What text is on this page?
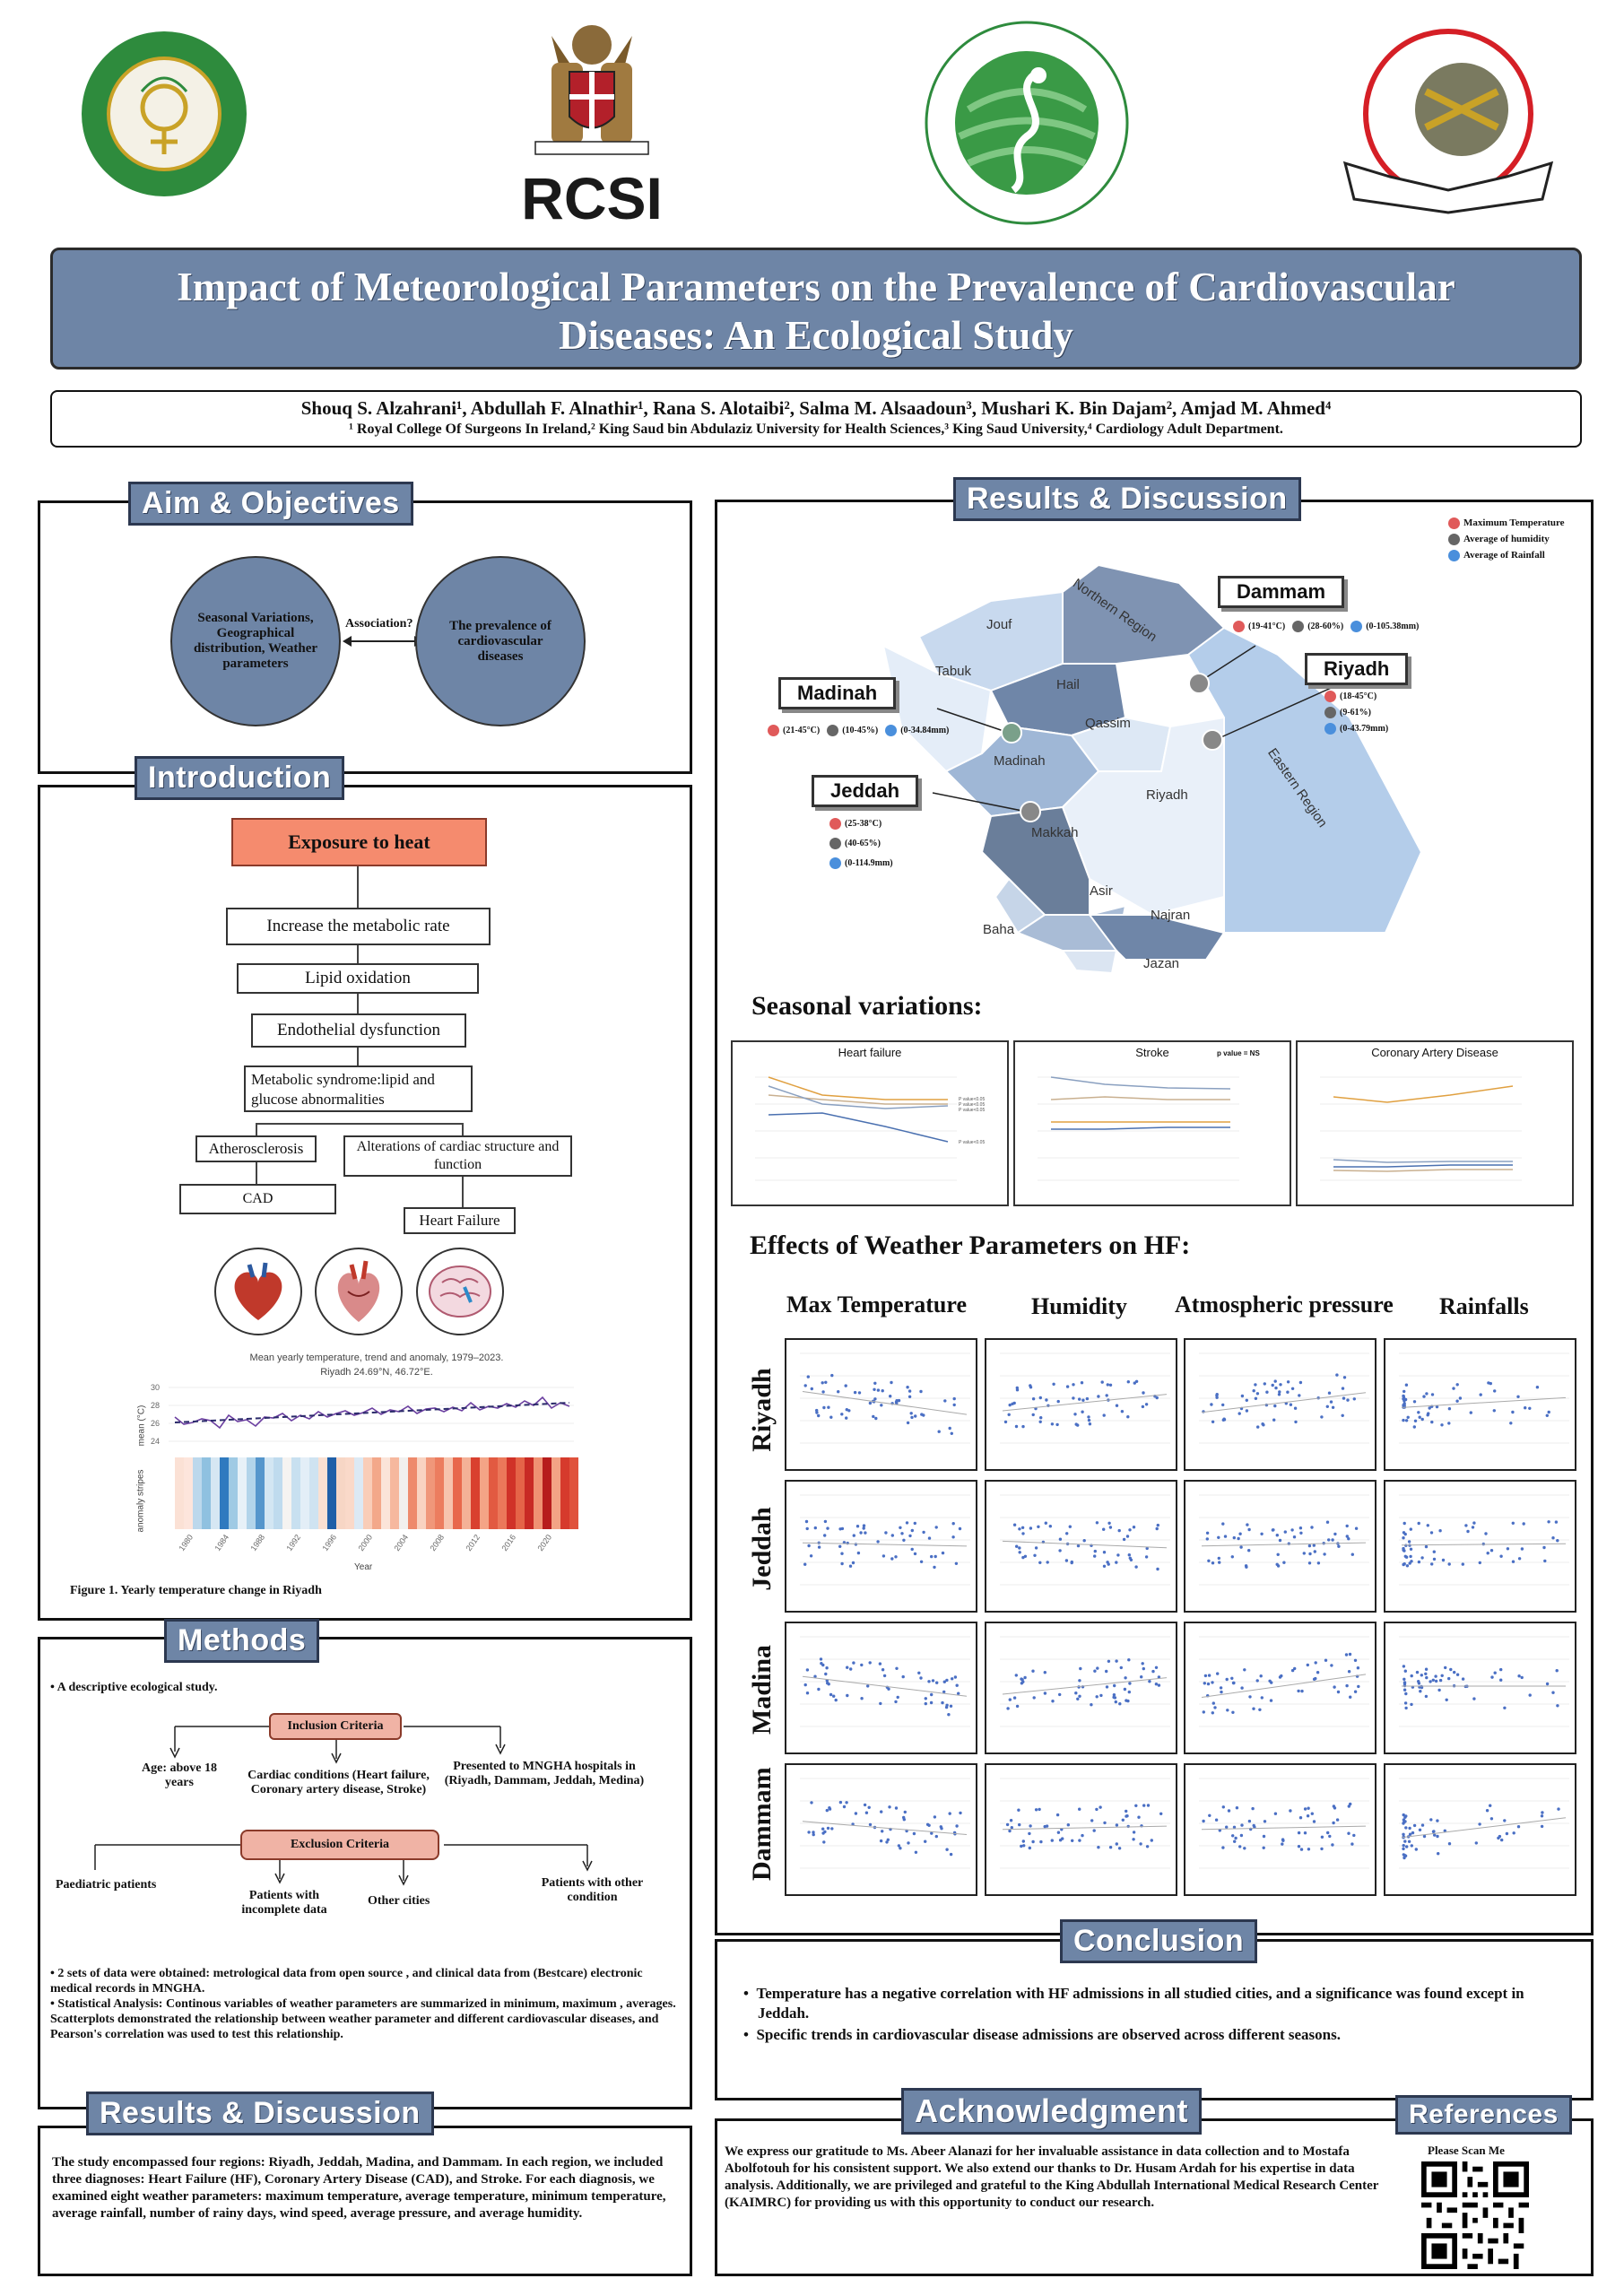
RCSI
Impact of Meteorological Parameters on the Prevalence of Cardiovascular
Diseases: An Ecological Study
Shouq S. Alzahrani¹, Abdullah F. Alnathir¹, Rana S. Alotaibi², Salma M. Alsaadoun³, Mushari K. Bin Dajam², Amjad M. Ahmed⁴
¹ Royal College Of Surgeons In Ireland,² King Saud bin Abdulaziz University for Health Sciences,³ King Saud University,⁴ Cardiology Adult Department.
Aim & Objectives
Seasonal Variations, Geographical distribution, Weather parameters
Association?	The prevalence of cardiovascular diseases
Introduction
Exposure to heat
Increase the metabolic rate
Lipid oxidation
Endothelial dysfunction
Metabolic syndrome:lipid and glucose abnormalities
Atherosclerosis	Alterations of cardiac structure and function
CAD
Heart Failure
Mean yearly temperature, trend and anomaly, 1979–2023.
Riyadh 24.69°N, 46.72°E.
mean (°C)
anomaly stripes
30
28
26
24
1980 1984 1988 1992 1996 2000 2004 2008 2012 2016 2020
Year
Figure 1. Yearly temperature change in Riyadh
Methods
• A descriptive ecological study.
Inclusion Criteria
Age: above 18 years
Cardiac conditions (Heart failure, Coronary artery disease, Stroke)
Presented to MNGHA hospitals in (Riyadh, Dammam, Jeddah, Medina)
Exclusion Criteria
Paediatric patients
Patients with incomplete data
Other cities
Patients with other condition
• 2 sets of data were obtained: metrological data from open source , and clinical data from (Bestcare) electronic medical records in MNGHA.
• Statistical Analysis: Continous variables of weather parameters are summarized in minimum, maximum , averages. Scatterplots demonstrated the relationship between weather parameter and different cardiovascular diseases, and Pearson's correlation was used to test this relationship.
Results & Discussion
The study encompassed four regions: Riyadh, Jeddah, Madina, and Dammam. In each region, we included three diagnoses: Heart Failure (HF), Coronary Artery Disease (CAD), and Stroke. For each diagnosis, we examined eight weather parameters: maximum temperature, average temperature, minimum temperature, average rainfall, number of rainy days, wind speed, average pressure, and average humidity.
Results & Discussion
Maximum Temperature
Average of humidity
Average of Rainfall
Jouf	Northern Region
Tabuk
Hail
Qassim
Madinah
Riyadh	Eastern Region
Makkah
Baha
Asir
Najran
Jazan
Dammam
(19-41°C)	(28-60%)	(0-105.38mm)
Riyadh
(18-45°C)
(9-61%)
(0-43.79mm)
Madinah
(21-45°C)	(10-45%)	(0-34.84mm)
Jeddah
(25-38°C)
(40-65%)
(0-114.9mm)
Seasonal variations:
Heart failure
P value<0.05
P value<0.05
P value<0.05
P value<0.05
Stroke	p value = NS	Coronary Artery Disease
Effects of Weather Parameters on HF:
Max Temperature	Humidity Atmospheric pressure Rainfalls
Riyadh
Jeddah
Madina
Dammam
Conclusion
•  Temperature has a negative correlation with HF admissions in all studied cities, and a significance was found except in Jeddah.
•  Specific trends in cardiovascular disease admissions are observed across different seasons.
Acknowledgment
We express our gratitude to Ms. Abeer Alanazi for her invaluable assistance in data collection and to Mostafa Abolfotouh for his consistent support. We also extend our thanks to Dr. Husam Ardah for his expertise in data analysis. Additionally, we are privileged and grateful to the King Abdullah International Medical Research Center (KAIMRC) for providing us with this opportunity to conduct our research.
References
Please Scan Me
